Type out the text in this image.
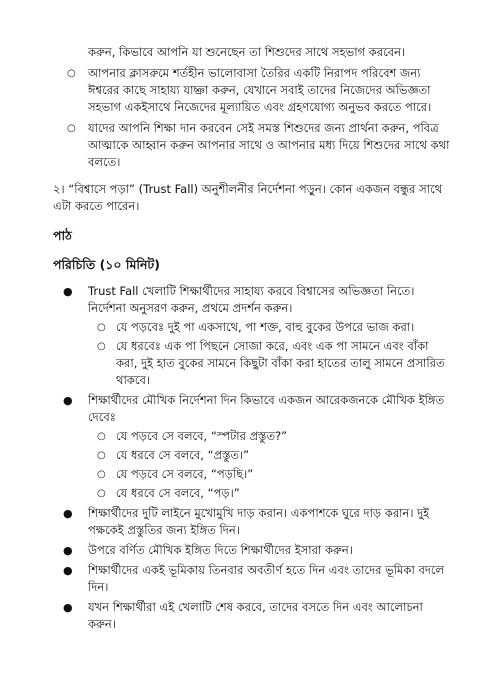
করুন, কিভাবে আপনি যা শুনেছেন তা শিশুদের সাথে সহভাগ করবেন।
○ আপনার ক্লাসরুমে শর্তহীন ভালোবাসা তৈরির একটি নিরাপদ পরিবেশ জন্য ঈশ্বরের কাছে সাহায্য যাচ্ঞা করুন, যেখানে সবাই তাদের নিজেদের অভিজ্ঞতা সহভাগ একইসাথে নিজেদের মূল্যায়িত এবং গ্রহণযোগ্য অনুভব করতে পারে।
○ যাদের আপনি শিক্ষা দান করবেন সেই সমস্ত শিশুদের জন্য প্রার্থনা করুন, পবিত্র আত্মাকে আহ্বান করুন আপনার সাথে ও আপনার মধ্য দিয়ে শিশুদের সাথে কথা বলতে।
২। “বিশ্বাসে পড়া” (Trust Fall) অনুশীলনীর নির্দেশনা পড়ুন। কোন একজন বন্ধুর সাথে এটা করতে পারেন।
পাঠ
পরিচিতি (১০ মিনিট)
● Trust Fall খেলাটি শিক্ষার্থীদের সাহায্য করবে বিশ্বাসের অভিজ্ঞতা নিতে। নির্দেশনা অনুসরণ করুন, প্রথমে প্রদর্শন করুন।
○ যে পড়বেঃ দুই পা একসাথে, পা শক্ত, বাহু বুকের উপরে ভাজ করা।
○ যে ধরবেঃ এক পা পিছনে সোজা করে, এবং এক পা সামনে এবং বাঁকা করা, দুই হাত বুকের সামনে কিছুটা বাঁকা করা হাতের তালু সামনে প্রসারিত থাকবে।
● শিক্ষার্থীদের মৌখিক নির্দেশনা দিন কিভাবে একজন আরেকজনকে মৌখিক ইঙ্গিত দেবেঃ
○ যে পড়বে সে বলবে, “স্পটার প্রস্তুত?”
○ যে ধরবে সে বলবে, “প্রস্তুত।”
○ যে পড়বে সে বলবে, “পড়ছি।”
○ যে ধরবে সে বলবে, “পড়।”
● শিক্ষার্থীদের দুটি লাইনে মুখোমুখি দাড় করান। একপাশকে ঘুরে দাড় করান। দুই পক্ষকেই প্রস্তুতির জন্য ইঙ্গিত দিন।
● উপরে বর্ণিত মৌখিক ইঙ্গিত দিতে শিক্ষার্থীদের ইসারা করুন।
● শিক্ষার্থীদের একই ভূমিকায় তিনবার অবতীর্ণ হতে দিন এবং তাদের ভূমিকা বদলে দিন।
● যখন শিক্ষার্থীরা এই খেলাটি শেষ করবে, তাদের বসতে দিন এবং আলোচনা করুন।
